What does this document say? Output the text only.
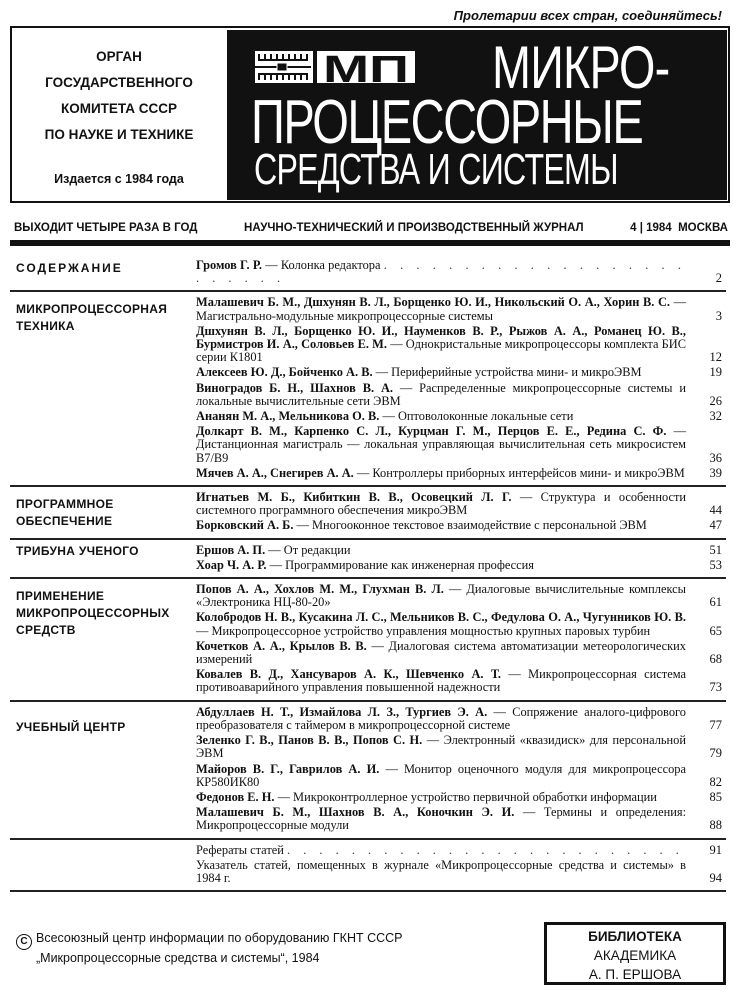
Пролетарии всех стран, соединяйтесь!
ОРГАН
ГОСУДАРСТВЕННОГО
КОМИТЕТА СССР
ПО НАУКЕ И ТЕХНИКЕ
Издается с 1984 года
МП МИКРО-
ПРОЦЕССОРНЫЕ
СРЕДСТВА И СИСТЕМЫ
ВЫХОДИТ ЧЕТЫРЕ РАЗА В ГОД	НАУЧНО-ТЕХНИЧЕСКИЙ И ПРОИЗВОДСТВЕННЫЙ ЖУРНАЛ	4 | 1984 МОСКВА
СОДЕРЖАНИЕ	Громов Г. Р. — Колонка редактора . . . . . . . . . . . . . . . . . . . . . . . . .	2
МИКРОПРОЦЕССОРНАЯ
ТЕХНИКА
Малашевич Б. М., Дшхунян В. Л., Борщенко Ю. И., Никольский О. А., Хорин В. С. — Магистрально-модульные микропроцессорные системы	3
Дшхунян В. Л., Борщенко Ю. И., Науменков В. Р., Рыжов А. А., Романец Ю. В., Бурмистров И. А., Соловьев Е. М. — Однокристальные микропроцессоры комплекта БИС серии К1801	12
Алексеев Ю. Д., Бойченко А. В. — Периферийные устройства мини- и микроЭВМ	19
Виноградов Б. Н., Шахнов В. А. — Распределенные микропроцессорные системы и локальные вычислительные сети ЭВМ	26
Ананян М. А., Мельникова О. В. — Оптоволоконные локальные сети	32
Долкарт В. М., Карпенко С. Л., Курцман Г. М., Перцов Е. Е., Редина С. Ф. — Дистанционная магистраль — локальная управляющая вычислительная сеть микросистем В7/В9	36
Мячев А. А., Снегирев А. А. — Контроллеры приборных интерфейсов мини- и микроЭВМ	39
ПРОГРАММНОЕ
ОБЕСПЕЧЕНИЕ
Игнатьев М. Б., Кибиткин В. В., Осовецкий Л. Г. — Структура и особенности системного программного обеспечения микроЭВМ	44
Борковский А. Б. — Многооконное текстовое взаимодействие с персональной ЭВМ	47
ТРИБУНА УЧЕНОГО	Ершов А. П. — От редакции	51
Хоар Ч. А. Р. — Программирование как инженерная профессия	53
ПРИМЕНЕНИЕ
МИКРОПРОЦЕССОРНЫХ
СРЕДСТВ
Попов А. А., Хохлов М. М., Глухман В. Л. — Диалоговые вычислительные комплексы «Электроника НЦ-80-20»	61
Колобродов Н. В., Кусакина Л. С., Мельников В. С., Федулова О. А., Чугунников Ю. В. — Микропроцессорное устройство управления мощностью крупных паровых турбин	65
Кочетков А. А., Крылов В. В. — Диалоговая система автоматизации метеорологических измерений	68
Ковалев В. Д., Хансуваров А. К., Шевченко А. Т. — Микропроцессорная система противоаварийного управления повышенной надежности	73
УЧЕБНЫЙ ЦЕНТР
Абдуллаев Н. Т., Измайлова Л. З., Тургиев Э. А. — Сопряжение аналого-цифрового преобразователя с таймером в микропроцессорной системе	77
Зеленко Г. В., Панов В. В., Попов С. Н. — Электронный «квазидиск» для персональной ЭВМ	79
Майоров В. Г., Гаврилов А. И. — Монитор оценочного модуля для микропроцессора КР580ИК80	82
Федонов Е. Н. — Микроконтроллерное устройство первичной обработки информации	85
Малашевич Б. М., Шахнов В. А., Коночкин Э. И. — Термины и определения: Микропроцессорные модули	88
Рефераты статей . . . . . . . . . . . . . . . . . . . . . . . . .	91
Указатель статей, помещенных в журнале «Микропроцессорные средства и системы» в 1984 г.	94
C Всесоюзный центр информации по оборудованию ГКНТ СССР
„Микропроцессорные средства и системы“, 1984
БИБЛИОТЕКА
АКАДЕМИКА
А. П. ЕРШОВА
